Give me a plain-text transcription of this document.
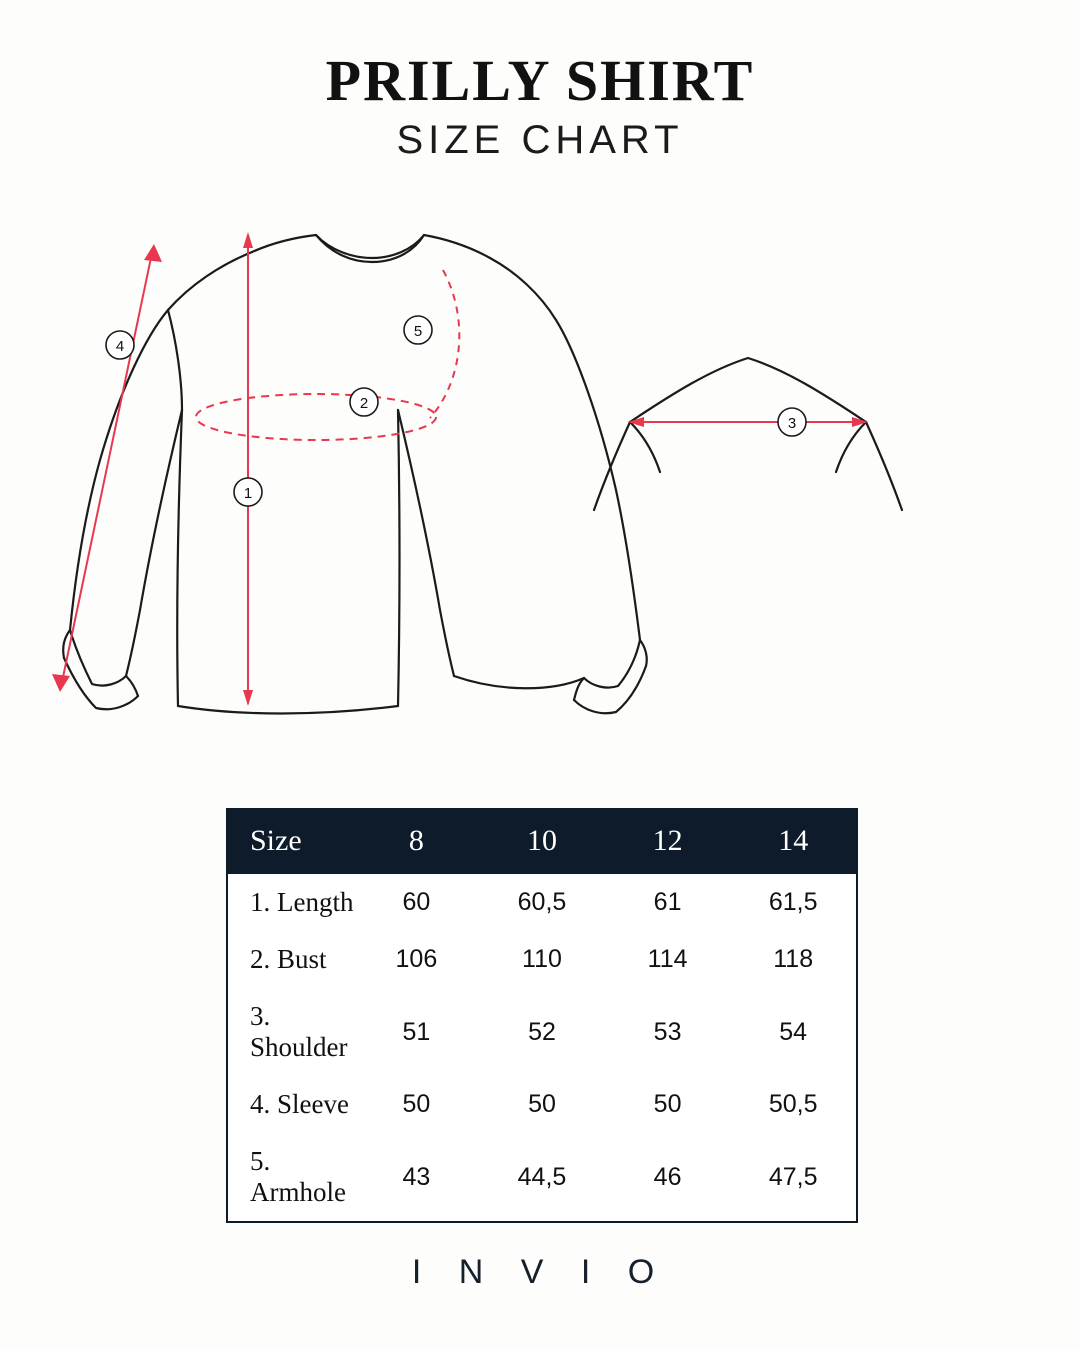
PRILLY SHIRT
SIZE CHART
1
2
3
4
5
Size	8	10	12	14
1. Length	60	60,5	61	61,5
2. Bust	106	110	114	118
3. Shoulder	51	52	53	54
4. Sleeve	50	50	50	50,5
5. Armhole	43	44,5	46	47,5
I N V I O
